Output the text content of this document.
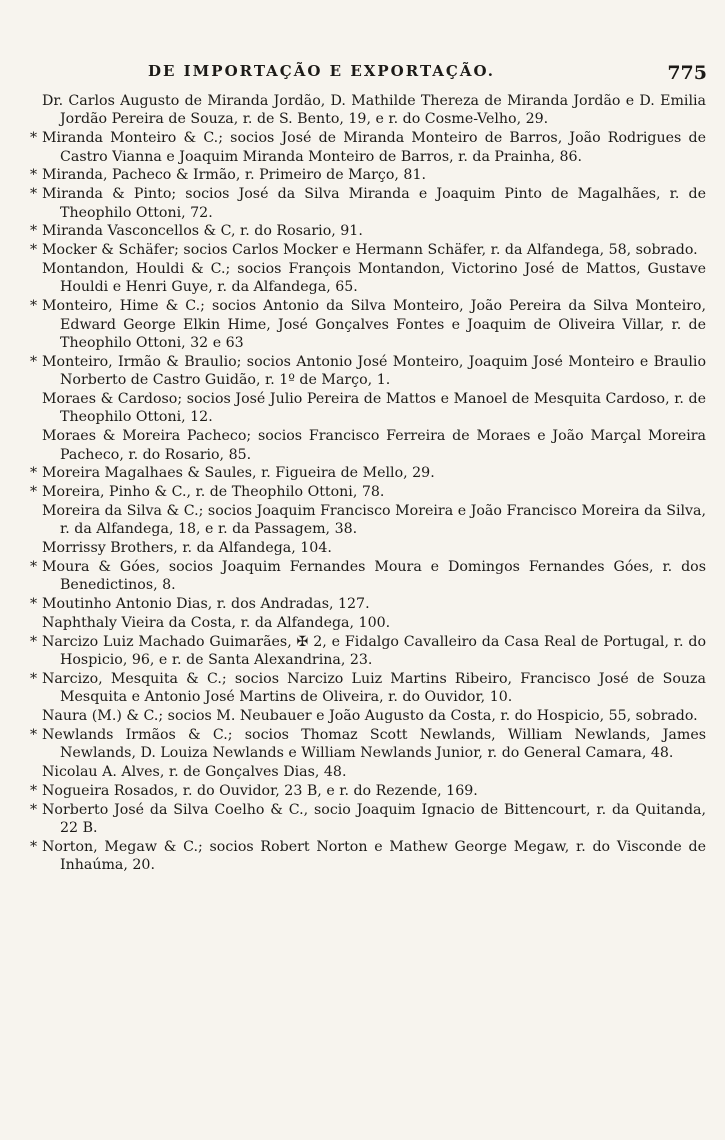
DE IMPORTAÇÃO E EXPORTAÇÃO.	775
Dr. Carlos Augusto de Miranda Jordão, D. Mathilde Thereza de Miranda Jordão e D. Emilia Jordão Pereira de Souza, r. de S. Bento, 19, e r. do Cosme-Velho, 29.
* Miranda Monteiro & C.; socios José de Miranda Monteiro de Barros, João Rodrigues de Castro Vianna e Joaquim Miranda Monteiro de Barros, r. da Prainha, 86.
* Miranda, Pacheco & Irmão, r. Primeiro de Março, 81.
* Miranda & Pinto; socios José da Silva Miranda e Joaquim Pinto de Magalhães, r. de Theophilo Ottoni, 72.
* Miranda Vasconcellos & C, r. do Rosario, 91.
* Mocker & Schäfer; socios Carlos Mocker e Hermann Schäfer, r. da Alfandega, 58, sobrado.
Montandon, Houldi & C.; socios François Montandon, Victorino José de Mattos, Gustave Houldi e Henri Guye, r. da Alfandega, 65.
* Monteiro, Hime & C.; socios Antonio da Silva Monteiro, João Pereira da Silva Monteiro, Edward George Elkin Hime, José Gonçalves Fontes e Joaquim de Oliveira Villar, r. de Theophilo Ottoni, 32 e 63
* Monteiro, Irmão & Braulio; socios Antonio José Monteiro, Joaquim José Monteiro e Braulio Norberto de Castro Guidão, r. 1º de Março, 1.
Moraes & Cardoso; socios José Julio Pereira de Mattos e Manoel de Mesquita Cardoso, r. de Theophilo Ottoni, 12.
Moraes & Moreira Pacheco; socios Francisco Ferreira de Moraes e João Marçal Moreira Pacheco, r. do Rosario, 85.
* Moreira Magalhaes & Saules, r. Figueira de Mello, 29.
* Moreira, Pinho & C., r. de Theophilo Ottoni, 78.
Moreira da Silva & C.; socios Joaquim Francisco Moreira e João Francisco Moreira da Silva, r. da Alfandega, 18, e r. da Passagem, 38.
Morrissy Brothers, r. da Alfandega, 104.
* Moura & Góes, socios Joaquim Fernandes Moura e Domingos Fernandes Góes, r. dos Benedictinos, 8.
* Moutinho Antonio Dias, r. dos Andradas, 127.
Naphthaly Vieira da Costa, r. da Alfandega, 100.
* Narcizo Luiz Machado Guimarães, ✠ 2, e Fidalgo Cavalleiro da Casa Real de Portugal, r. do Hospicio, 96, e r. de Santa Alexandrina, 23.
* Narcizo, Mesquita & C.; socios Narcizo Luiz Martins Ribeiro, Francisco José de Souza Mesquita e Antonio José Martins de Oliveira, r. do Ouvidor, 10.
Naura (M.) & C.; socios M. Neubauer e João Augusto da Costa, r. do Hospicio, 55, sobrado.
* Newlands Irmãos & C.; socios Thomaz Scott Newlands, William Newlands, James Newlands, D. Louiza Newlands e William Newlands Junior, r. do General Camara, 48.
Nicolau A. Alves, r. de Gonçalves Dias, 48.
* Nogueira Rosados, r. do Ouvidor, 23 B, e r. do Rezende, 169.
* Norberto José da Silva Coelho & C., socio Joaquim Ignacio de Bittencourt, r. da Quitanda, 22 B.
* Norton, Megaw & C.; socios Robert Norton e Mathew George Megaw, r. do Visconde de Inhaúma, 20.
